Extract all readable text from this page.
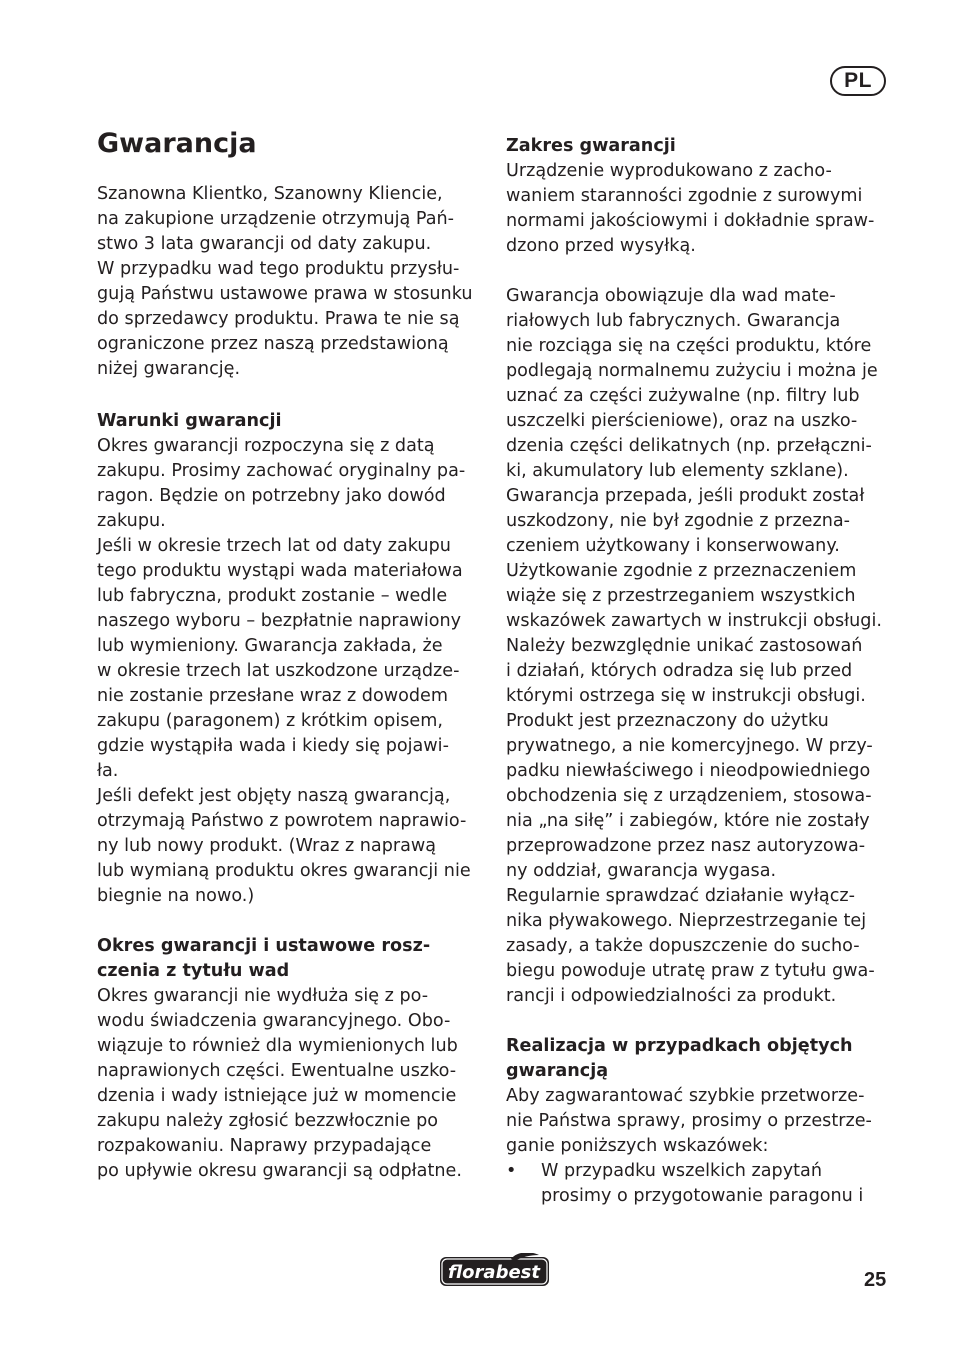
PL
Gwarancja
Szanowna Klientko, Szanowny Kliencie,
na zakupione urządzenie otrzymują Pań-
stwo 3 lata gwarancji od daty zakupu.
W przypadku wad tego produktu przysłu-
gują Państwu ustawowe prawa w stosunku
do sprzedawcy produktu. Prawa te nie są
ograniczone przez naszą przedstawioną
niżej gwarancję.
Warunki gwarancji
Okres gwarancji rozpoczyna się z datą
zakupu. Prosimy zachować oryginalny pa-
ragon. Będzie on potrzebny jako dowód
zakupu.
Jeśli w okresie trzech lat od daty zakupu
tego produktu wystąpi wada materiałowa
lub fabryczna, produkt zostanie – wedle
naszego wyboru – bezpłatnie naprawiony
lub wymieniony. Gwarancja zakłada, że
w okresie trzech lat uszkodzone urządze-
nie zostanie przesłane wraz z dowodem
zakupu (paragonem) z krótkim opisem,
gdzie wystąpiła wada i kiedy się pojawi-
ła.
Jeśli defekt jest objęty naszą gwarancją,
otrzymają Państwo z powrotem naprawio-
ny lub nowy produkt. (Wraz z naprawą
lub wymianą produktu okres gwarancji nie
biegnie na nowo.)
Okres gwarancji i ustawowe rosz-
czenia z tytułu wad
Okres gwarancji nie wydłuża się z po-
wodu świadczenia gwarancyjnego. Obo-
wiązuje to również dla wymienionych lub
naprawionych części. Ewentualne uszko-
dzenia i wady istniejące już w momencie
zakupu należy zgłosić bezzwłocznie po
rozpakowaniu. Naprawy przypadające
po upływie okresu gwarancji są odpłatne.
Zakres gwarancji
Urządzenie wyprodukowano z zacho-
waniem staranności zgodnie z surowymi
normami jakościowymi i dokładnie spraw-
dzono przed wysyłką.
Gwarancja obowiązuje dla wad mate-
riałowych lub fabrycznych. Gwarancja
nie rozciąga się na części produktu, które
podlegają normalnemu zużyciu i można je
uznać za części zużywalne (np. filtry lub
uszczelki pierścieniowe), oraz na uszko-
dzenia części delikatnych (np. przełączni-
ki, akumulatory lub elementy szklane).
Gwarancja przepada, jeśli produkt został
uszkodzony, nie był zgodnie z przezna-
czeniem użytkowany i konserwowany.
Użytkowanie zgodnie z przeznaczeniem
wiąże się z przestrzeganiem wszystkich
wskazówek zawartych w instrukcji obsługi.
Należy bezwzględnie unikać zastosowań
i działań, których odradza się lub przed
którymi ostrzega się w instrukcji obsługi.
Produkt jest przeznaczony do użytku
prywatnego, a nie komercyjnego. W przy-
padku niewłaściwego i nieodpowiedniego
obchodzenia się z urządzeniem, stosowa-
nia „na siłę” i zabiegów, które nie zostały
przeprowadzone przez nasz autoryzowa-
ny oddział, gwarancja wygasa.
Regularnie sprawdzać działanie wyłącz-
nika pływakowego. Nieprzestrzeganie tej
zasady, a także dopuszczenie do sucho-
biegu powoduje utratę praw z tytułu gwa-
rancji i odpowiedzialności za produkt.
Realizacja w przypadkach objętych
gwarancją
Aby zagwarantować szybkie przetworze-
nie Państwa sprawy, prosimy o przestrze-
ganie poniższych wskazówek:
• W przypadku wszelkich zapytań
prosimy o przygotowanie paragonu i
florabest	25
